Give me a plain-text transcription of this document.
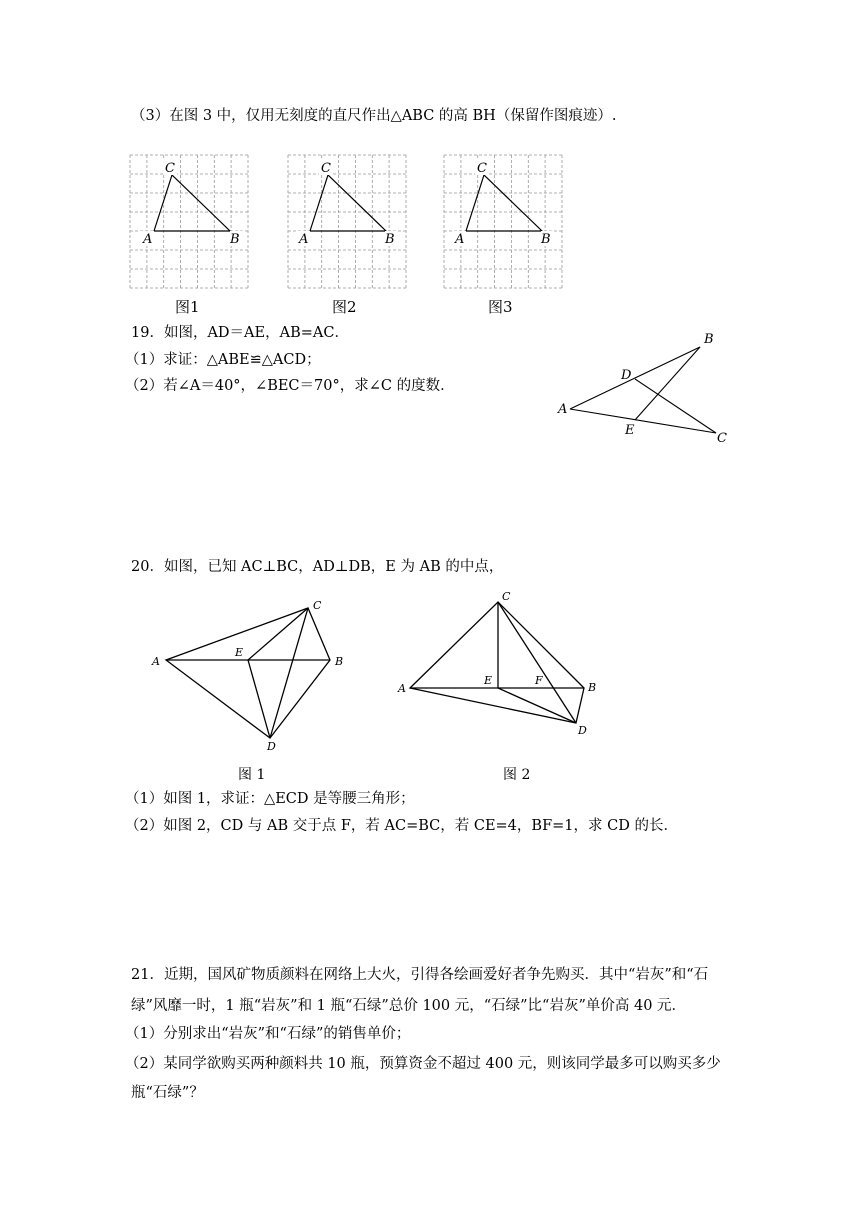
（3）在图 3 中，仅用无刻度的直尺作出△ABC 的高 BH（保留作图痕迹）.
A	B
C
A	B
C
A	B
C
图1	图2	图3
19．如图，AD＝AE，AB=AC．
（1）求证：△ABE≌△ACD；
（2）若∠A＝40°，∠BEC＝70°，求∠C 的度数．
A
B
C
D
E
20．如图，已知 AC⊥BC，AD⊥DB，E 为 AB 的中点，
A	B
C
D
E
A	B
C
D
E	F
图 1	图 2
（1）如图 1，求证：△ECD 是等腰三角形；
（2）如图 2，CD 与 AB 交于点 F，若 AC=BC，若 CE=4，BF=1，求 CD 的长．
21．近期，国风矿物质颜料在网络上大火，引得各绘画爱好者争先购买．其中“岩灰”和“石
绿”风靡一时，1 瓶“岩灰”和 1 瓶“石绿”总价 100 元，“石绿”比“岩灰”单价高 40 元．
（1）分别求出“岩灰”和“石绿”的销售单价；
（2）某同学欲购买两种颜料共 10 瓶，预算资金不超过 400 元，则该同学最多可以购买多少
瓶“石绿”？
